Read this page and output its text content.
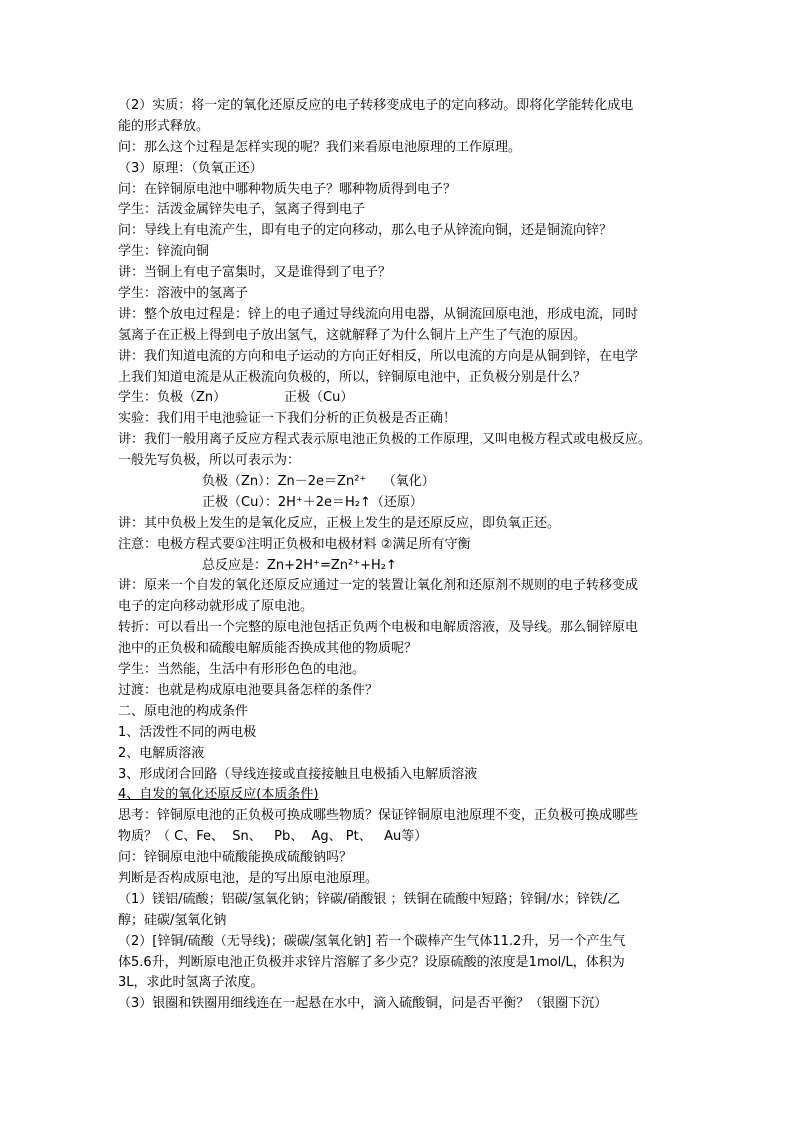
（2）实质：将一定的氧化还原反应的电子转移变成电子的定向移动。即将化学能转化成电
能的形式释放。
问：那么这个过程是怎样实现的呢？我们来看原电池原理的工作原理。
（3）原理：（负氧正还）
问：在锌铜原电池中哪种物质失电子？哪种物质得到电子？
学生：活泼金属锌失电子，氢离子得到电子
问：导线上有电流产生，即有电子的定向移动，那么电子从锌流向铜，还是铜流向锌？
学生：锌流向铜
讲：当铜上有电子富集时，又是谁得到了电子？
学生：溶液中的氢离子
讲：整个放电过程是：锌上的电子通过导线流向用电器，从铜流回原电池，形成电流，同时
氢离子在正极上得到电子放出氢气，这就解释了为什么铜片上产生了气泡的原因。
讲：我们知道电流的方向和电子运动的方向正好相反，所以电流的方向是从铜到锌，在电学
上我们知道电流是从正极流向负极的，所以，锌铜原电池中，正负极分别是什么？
学生：负极（Zn）              正极（Cu）
实验：我们用干电池验证一下我们分析的正负极是否正确！
讲：我们一般用离子反应方程式表示原电池正负极的工作原理，又叫电极方程式或电极反应。
一般先写负极，所以可表示为：
负极（Zn）：Zn－2e＝Zn²⁺    （氧化）
正极（Cu）：2H⁺＋2e＝H₂↑（还原）
讲：其中负极上发生的是氧化反应，正极上发生的是还原反应，即负氧正还。
注意：电极方程式要①注明正负极和电极材料 ②满足所有守衡
总反应是：Zn+2H⁺=Zn²⁺+H₂↑
讲：原来一个自发的氧化还原反应通过一定的装置让氧化剂和还原剂不规则的电子转移变成
电子的定向移动就形成了原电池。
转折：可以看出一个完整的原电池包括正负两个电极和电解质溶液，及导线。那么铜锌原电
池中的正负极和硫酸电解质能否换成其他的物质呢？
学生：当然能，生活中有形形色色的电池。
过渡：也就是构成原电池要具备怎样的条件？
二、原电池的构成条件
1、活泼性不同的两电极
2、电解质溶液
3、形成闭合回路（导线连接或直接接触且电极插入电解质溶液
4、自发的氧化还原反应(本质条件)
思考：锌铜原电池的正负极可换成哪些物质？保证锌铜原电池原理不变，正负极可换成哪些
物质？（ C、Fe、  Sn、   Pb、  Ag、 Pt、   Au等）
问：锌铜原电池中硫酸能换成硫酸钠吗？
判断是否构成原电池，是的写出原电池原理。
（1）镁铝/硫酸；铝碳/氢氧化钠；锌碳/硝酸银 ；铁铜在硫酸中短路；锌铜/水；锌铁/乙
醇；硅碳/氢氧化钠
（2）[锌铜/硫酸（无导线)；碳碳/氢氧化钠] 若一个碳棒产生气体11.2升，另一个产生气
体5.6升，判断原电池正负极并求锌片溶解了多少克？设原硫酸的浓度是1mol/L，体积为
3L，求此时氢离子浓度。
（3）银圈和铁圈用细线连在一起悬在水中，滴入硫酸铜，问是否平衡？（银圈下沉）
